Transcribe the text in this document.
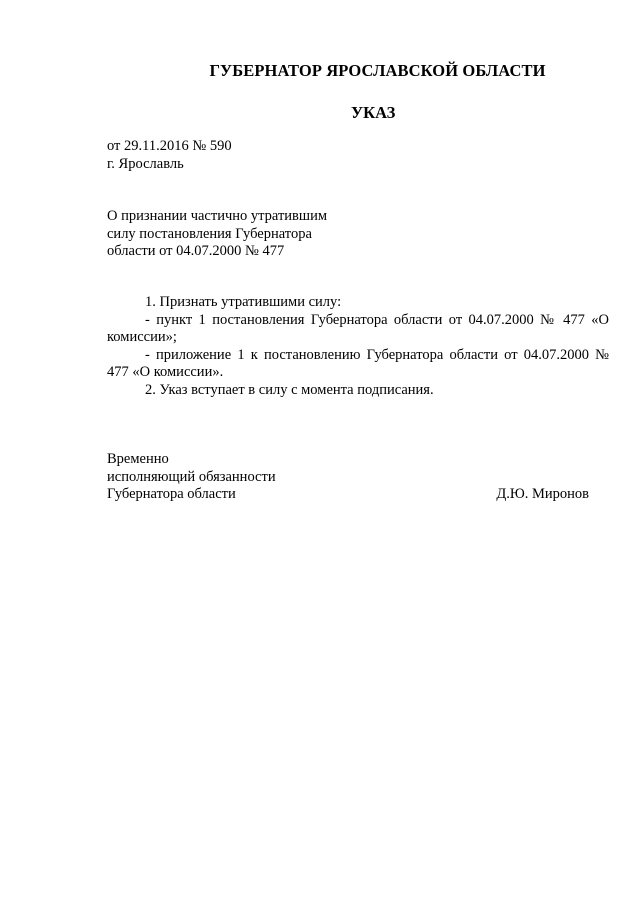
ГУБЕРНАТОР ЯРОСЛАВСКОЙ ОБЛАСТИ
УКАЗ
от 29.11.2016 № 590
г. Ярославль
О признании частично утратившим
силу постановления Губернатора
области от 04.07.2000 № 477

1. Признать утратившими силу:

- пункт 1 постановления Губернатора области от 04.07.2000 № 477 «О комиссии»;

- приложение 1 к постановлению Губернатора области от 04.07.2000 № 477 «О комиссии».

2. Указ вступает в силу с момента подписания.

Временно
исполняющий обязанности
Губернатора области	Д.Ю. Миронов
